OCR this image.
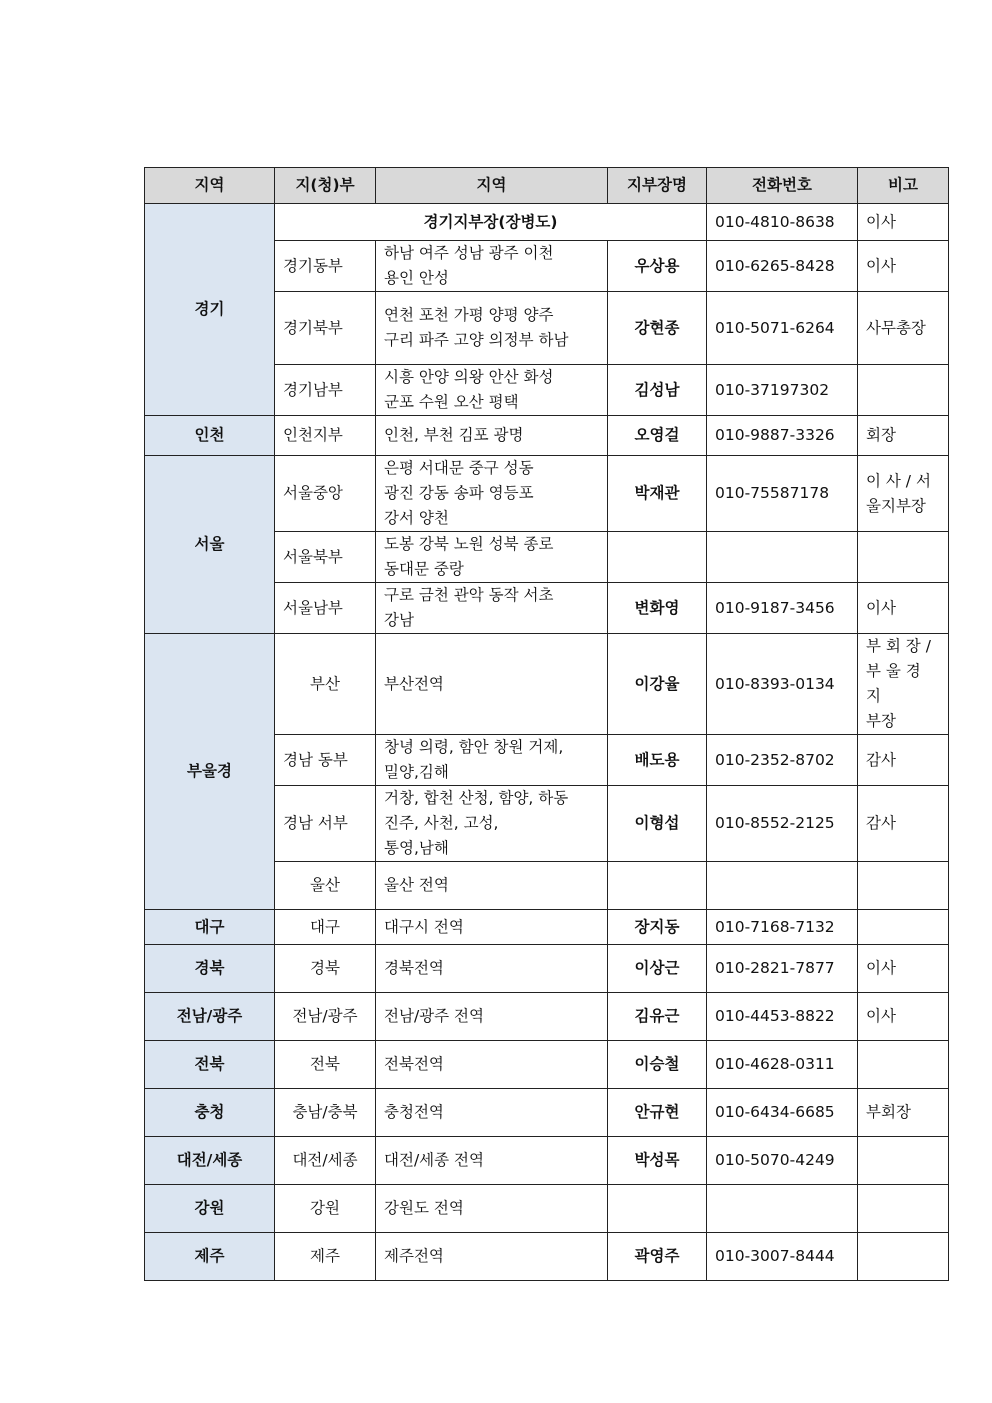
지역	지(청)부	지역	지부장명	전화번호	비고
경기	경기지부장(장병도)			010-4810-8638	이사
	경기동부	하남 여주 성남 광주 이천
용인 안성	우상용	010-6265-8428	이사
	경기북부	연천 포천 가평 양평 양주
구리 파주 고양 의정부 하남	강현종	010-5071-6264	사무총장
	경기남부	시흥 안양 의왕 안산 화성
군포 수원 오산 평택	김성남	010-37197302	
인천	인천지부	인천, 부천 김포 광명	오영걸	010-9887-3326	회장
서울	서울중앙	은평 서대문 중구 성동
광진 강동 송파 영등포
강서 양천	박재관	010-75587178	이 사 / 서
울지부장

	서울북부	도봉 강북 노원 성북 종로
동대문 중랑			

	서울남부	구로 금천 관악 동작 서초
강남	변화영	010-9187-3456	이사
부울경	부산	부산전역	이강율	010-8393-0134	부 회 장 /
부 울 경 지
부장

	경남 동부	창녕 의령, 함안 창원 거제,
밀양,김해	배도용	010-2352-8702	감사
	경남 서부	거창, 합천 산청, 함양, 하동
진주, 사천, 고성,
통영,남해	이형섭	010-8552-2125	감사
	울산	울산 전역			
대구	대구	대구시 전역	장지동	010-7168-7132	
경북	경북	경북전역	이상근	010-2821-7877	이사
전남/광주	전남/광주	전남/광주 전역	김유근	010-4453-8822	이사
전북	전북	전북전역	이승철	010-4628-0311	
충청	충남/충북	충청전역	안규현	010-6434-6685	부회장
대전/세종	대전/세종	대전/세종 전역	박성목	010-5070-4249	
강원	강원	강원도 전역			
제주	제주	제주전역	곽영주	010-3007-8444	
